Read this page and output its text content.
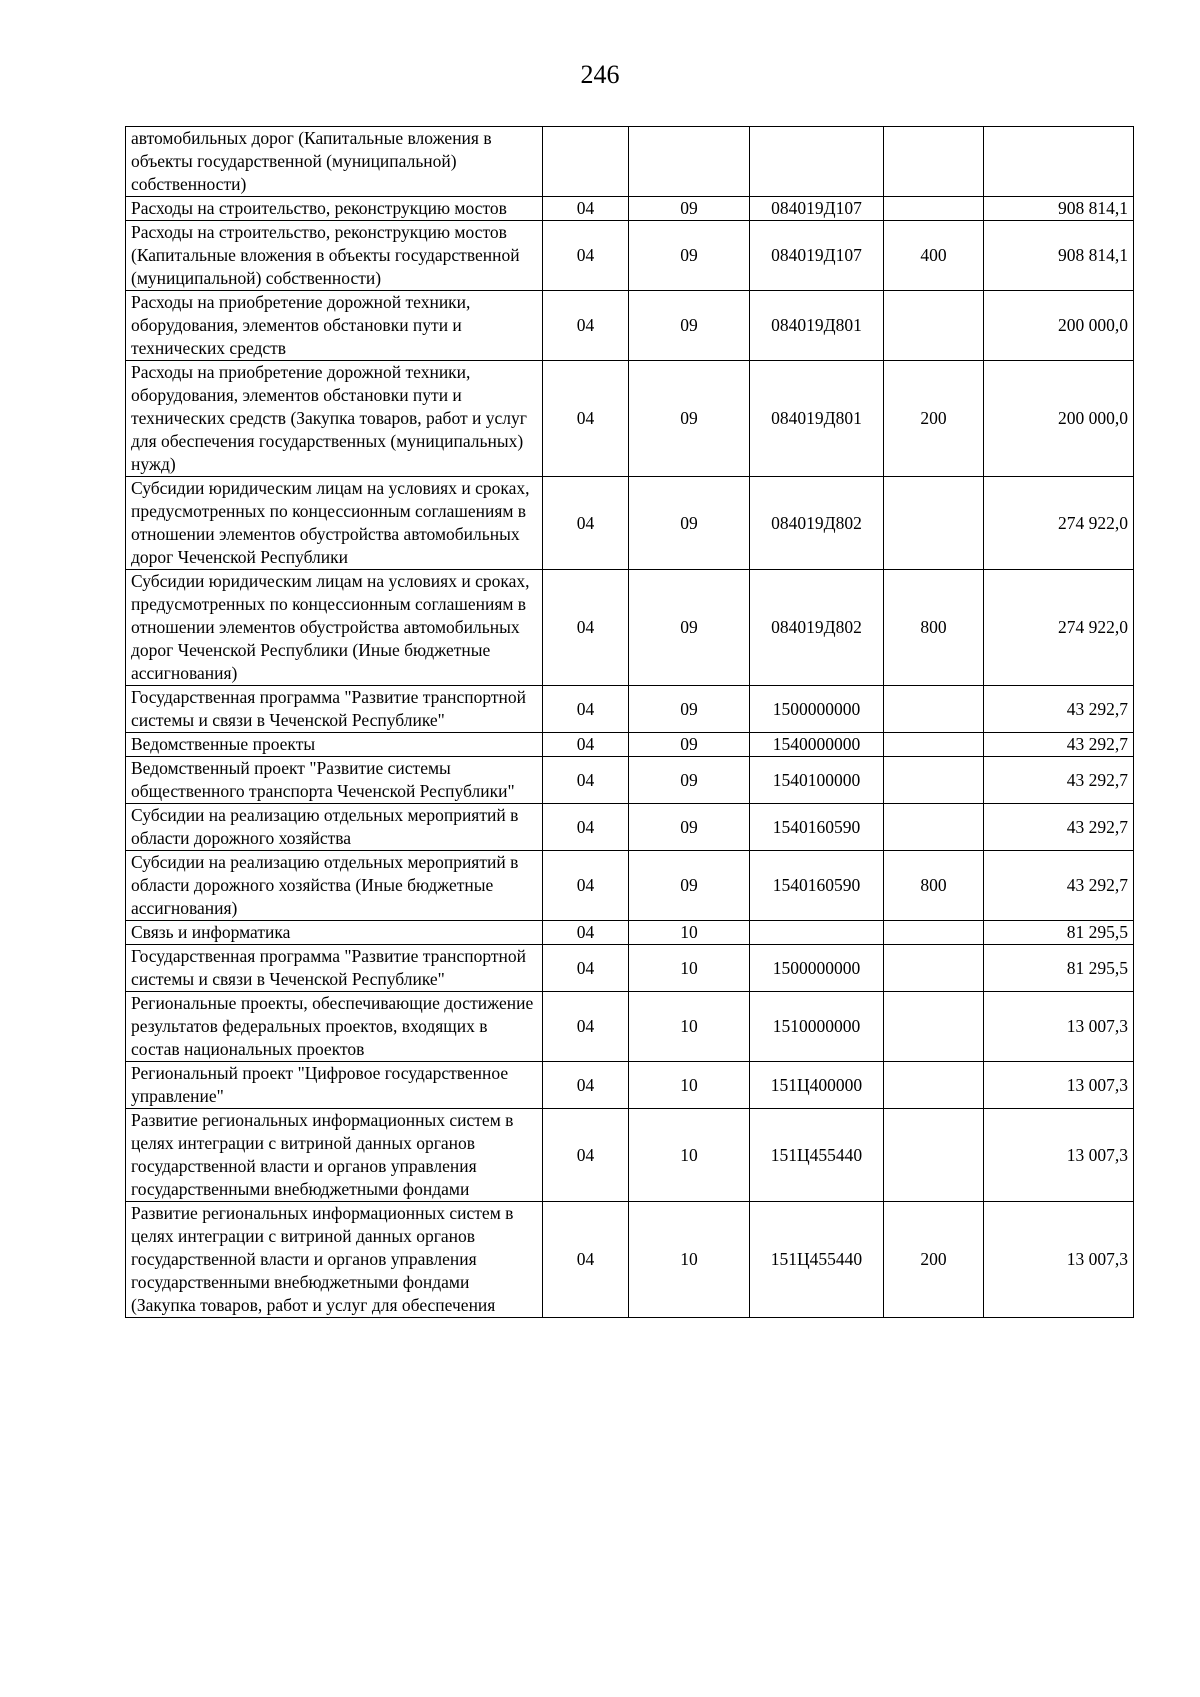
246
автомобильных дорог (Капитальные вложения в объекты государственной (муниципальной) собственности)					
Расходы на строительство, реконструкцию мостов	04	09	084019Д107		908 814,1
Расходы на строительство, реконструкцию мостов (Капитальные вложения в объекты государственной (муниципальной) собственности)	04	09	084019Д107	400	908 814,1
Расходы на приобретение дорожной техники, оборудования, элементов обстановки пути и технических средств	04	09	084019Д801		200 000,0
Расходы на приобретение дорожной техники, оборудования, элементов обстановки пути и технических средств (Закупка товаров, работ и услуг для обеспечения государственных (муниципальных) нужд)	04	09	084019Д801	200	200 000,0
Субсидии юридическим лицам на условиях и сроках, предусмотренных по концессионным соглашениям в отношении элементов обустройства автомобильных дорог Чеченской Республики	04	09	084019Д802		274 922,0
Субсидии юридическим лицам на условиях и сроках, предусмотренных по концессионным соглашениям в отношении элементов обустройства автомобильных дорог Чеченской Республики (Иные бюджетные ассигнования)	04	09	084019Д802	800	274 922,0
Государственная программа "Развитие транспортной системы и связи в Чеченской Республике"	04	09	1500000000		43 292,7
Ведомственные проекты	04	09	1540000000		43 292,7
Ведомственный проект "Развитие системы общественного транспорта Чеченской Республики"	04	09	1540100000		43 292,7
Субсидии на реализацию отдельных мероприятий в области дорожного хозяйства	04	09	1540160590		43 292,7
Субсидии на реализацию отдельных мероприятий в области дорожного хозяйства (Иные бюджетные ассигнования)	04	09	1540160590	800	43 292,7
Связь и информатика	04	10			81 295,5
Государственная программа "Развитие транспортной системы и связи в Чеченской Республике"	04	10	1500000000		81 295,5
Региональные проекты, обеспечивающие достижение результатов федеральных проектов, входящих в состав национальных проектов	04	10	1510000000		13 007,3
Региональный проект "Цифровое государственное управление"	04	10	151Ц400000		13 007,3
Развитие региональных информационных систем в целях интеграции с витриной данных органов государственной власти и органов управления государственными внебюджетными фондами	04	10	151Ц455440		13 007,3
Развитие региональных информационных систем в целях интеграции с витриной данных органов государственной власти и органов управления государственными внебюджетными фондами (Закупка товаров, работ и услуг для обеспечения	04	10	151Ц455440	200	13 007,3
